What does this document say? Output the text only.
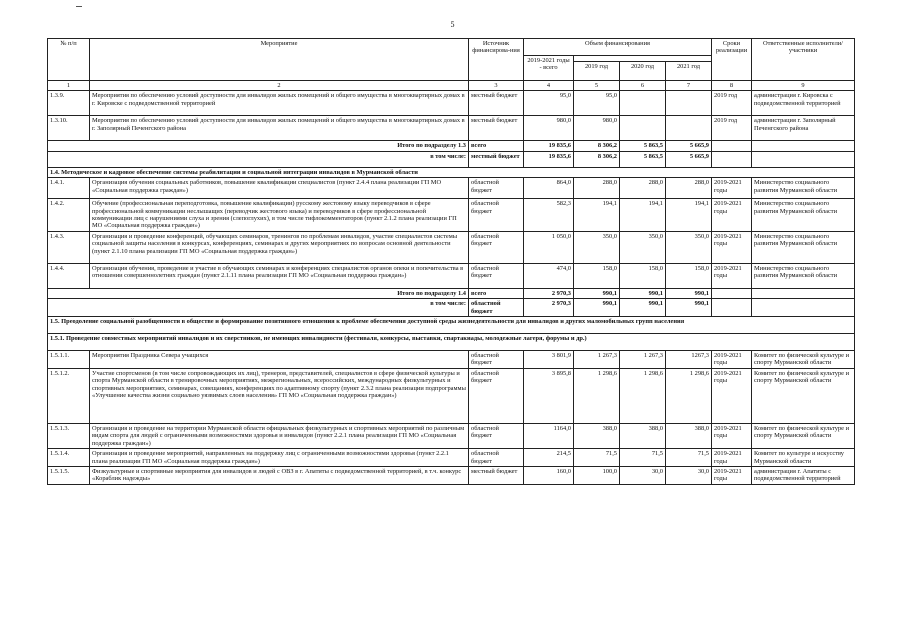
5
№ п/п	Мероприятие	Источник финансирова-ния	Объем финансирования				Сроки реализации	Ответственные исполнители/участники
			2019-2021 годы - всего					
				2019 год	2020 год	2021 год		
1	2	3	4	5	6	7	8	9
1.3.9.	Мероприятия по обеспечению условий доступности для инвалидов жилых помещений и общего имущества в многоквартирных домах в г. Кировске с подведомственной территорией	местный бюджет	95,0	95,0			2019 год	администрация г. Кировска с подведомственной территорией
1.3.10.	Мероприятия по обеспечению условий доступности для инвалидов жилых помещений и общего имущества в многоквартирных домах в г. Заполярный Печенгского района	местный бюджет	980,0	980,0			2019 год	администрация г. Заполярный Печенгского района
Итого по подразделу 1.3		всего	19 835,6	8 306,2	5 863,5	5 665,9		
в том числе:		местный бюджет	19 835,6	8 306,2	5 863,5	5 665,9		
1.4. Методическое и кадровое обеспечение системы реабилитации и социальной интеграции инвалидов в Мурманской области								
1.4.1.	Организация обучения социальных работников, повышение квалификации специалистов (пункт 2.4.4 плана реализации ГП МО «Социальная поддержка граждан»)	областной бюджет	864,0	288,0	288,0	288,0	2019-2021 годы	Министерство социального развития Мурманской области
1.4.2.	Обучение (профессиональная переподготовка, повышение квалификации) русскому жестовому языку переводчиков в сфере профессиональной коммуникации неслышащих (переводчик жестового языка) и переводчиков в сфере профессиональной коммуникации лиц с нарушениями слуха и зрения (слепоглухих), в том числе тифлокомментаторов (пункт 2.1.2 плана реализации ГП МО «Социальная поддержка граждан»)	областной бюджет	582,3	194,1	194,1	194,1	2019-2021 годы	Министерство социального развития Мурманской области
1.4.3.	Организация и проведение конференций, обучающих семинаров, тренингов по проблемам инвалидов, участие специалистов системы социальной защиты населения в конкурсах, конференциях, семинарах и других мероприятиях по вопросам основной деятельности (пункт 2.1.10 плана реализации ГП МО «Социальная поддержка граждан»)	областной бюджет	1 050,0	350,0	350,0	350,0	2019-2021 годы	Министерство социального развития Мурманской области
1.4.4.	Организация обучения, проведение и участие в обучающих семинарах и конференциях специалистов органов опеки и попечительства в отношении совершеннолетних граждан (пункт 2.1.11 плана реализации ГП МО «Социальная поддержка граждан»)	областной бюджет	474,0	158,0	158,0	158,0	2019-2021 годы	Министерство социального развития Мурманской области
Итого по подразделу 1.4		всего	2 970,3	990,1	990,1	990,1		
в том числе:		областной бюджет	2 970,3	990,1	990,1	990,1		
1.5. Преодоление социальной разобщенности в обществе и формирование позитивного отношения к проблеме обеспечения доступной среды жизнедеятельности для инвалидов и других маломобильных групп населения								
1.5.1. Проведение совместных мероприятий инвалидов и их сверстников, не имеющих инвалидности (фестиваля, конкурсы, выставки, спартакиады, молодежные лагеря, форумы и др.)								
1.5.1.1.	Мероприятия Праздника Севера учащихся	областной бюджет	3 801,9	1 267,3	1 267,3	1267,3	2019-2021 годы	Комитет по физической культуре и спорту Мурманской области
1.5.1.2.	Участие спортсменов (в том числе сопровождающих их лиц), тренеров, представителей, специалистов в сфере физической культуры и спорта Мурманской области в тренировочных мероприятиях, межрегиональных, всероссийских, международных физкультурных и спортивных мероприятиях, семинарах, совещаниях, конференциях по адаптивному спорту (пункт 2.3.2 плана реализации подпрограммы «Улучшение качества жизни социально уязвимых слоев населения» ГП МО «Социальная поддержка граждан»)	областной бюджет	3 895,8	1 298,6	1 298,6	1 298,6	2019-2021 годы	Комитет по физической культуре и спорту Мурманской области
1.5.1.3.	Организация и проведение на территории Мурманской области официальных физкультурных и спортивных мероприятий по различным видам спорта для людей с ограниченными возможностями здоровья и инвалидов (пункт 2.2.1 плана реализации ГП МО «Социальная поддержка граждан»)	областной бюджет	1164,0	388,0	388,0	388,0	2019-2021 годы	Комитет по физической культуре и спорту Мурманской области
1.5.1.4.	Организация и проведение мероприятий, направленных на поддержку лиц с ограниченными возможностями здоровья (пункт 2.2.1 плана реализации ГП МО «Социальная поддержка граждан»)	областной бюджет	214,5	71,5	71,5	71,5	2019-2021 годы	Комитет по культуре и искусству Мурманской области
1.5.1.5.	Физкультурные и спортивные мероприятия для инвалидов и людей с ОВЗ в г. Апатиты с подведомственной территорией, в т.ч. конкурс «Кораблик надежды»	местный бюджет	160,0	100,0	30,0	30,0	2019-2021 годы	администрация г. Апатиты с подведомственной территорией
